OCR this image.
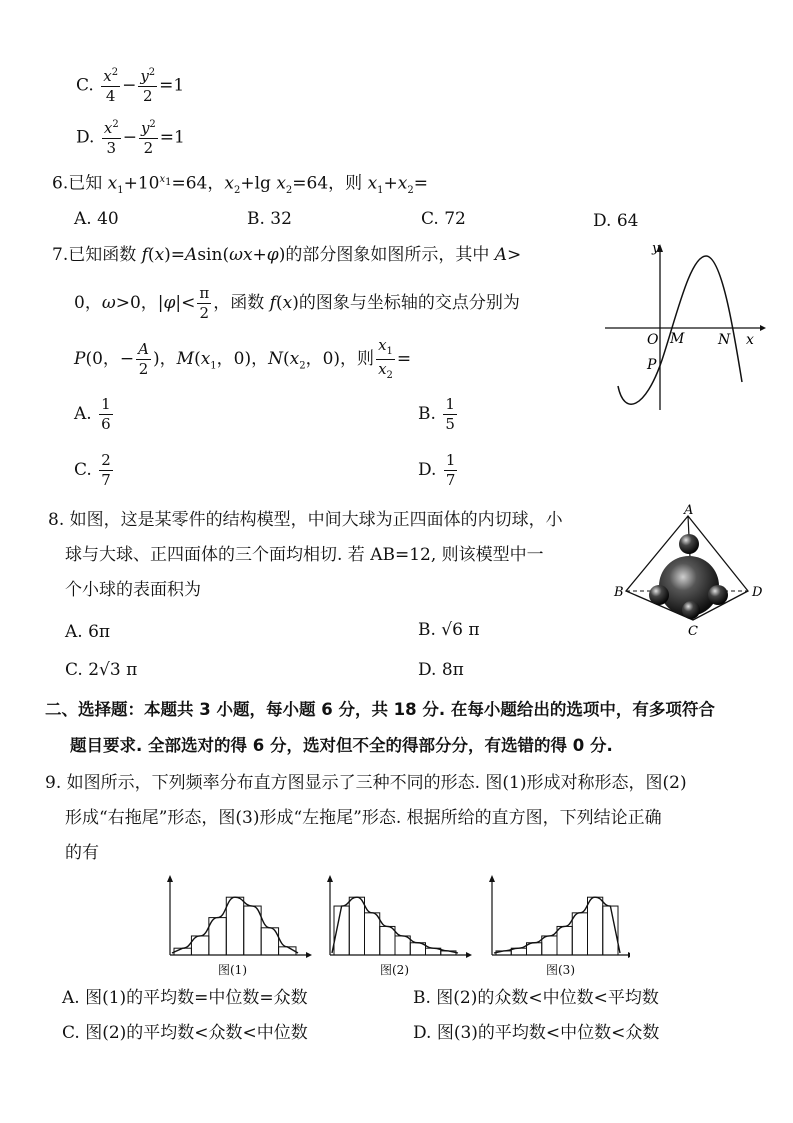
C. $\frac{x^2}{4} - \frac{y^2}{2} =1$
D. $\frac{x^2}{3} - \frac{y^2}{2} =1$
6.已知 $x_1+10^{x_1}=64$，$x_2+\lg$ $x_2=64$，则 $x_1+x_2=$
A. 40	B. 32	C. 72	D. 64
7.已知函数 f(x)=Asin(ωx+φ)的部分图象如图所示，其中 A>
0，ω>0，$|\varphi|< \frac{\pi}{2}$ ，函数 f(x)的图象与坐标轴的交点分别为
P(0，− $\frac{A}{2}$ )，$M(x_1$，0)，$N(x_2$，0)，则 $\frac{x_1}{x_2}$ =
A. $\frac{1}{6}$	B. $\frac{1}{5}$
C. $\frac{2}{7}$	D. $\frac{1}{7}$
y
O M N x
P
8. 如图，这是某零件的结构模型，中间大球为正四面体的内切球，小
球与大球、正四面体的三个面均相切. 若 AB=12, 则该模型中一
个小球的表面积为
A. 6π	B. √6 π
C. 2√3 π	D. 8π
A
B	D
C
二、选择题：本题共 3 小题，每小题 6 分，共 18 分. 在每小题给出的选项中，有多项符合
题目要求. 全部选对的得 6 分，选对但不全的得部分分，有选错的得 0 分.
9. 如图所示，下列频率分布直方图显示了三种不同的形态. 图(1)形成对称形态，图(2)
形成“右拖尾”形态，图(3)形成“左拖尾”形态. 根据所给的直方图，下列结论正确
的有
图(1)	图(2)	图(3)
A. 图(1)的平均数=中位数=众数	B. 图(2)的众数<中位数<平均数
C. 图(2)的平均数<众数<中位数	D. 图(3)的平均数<中位数<众数
